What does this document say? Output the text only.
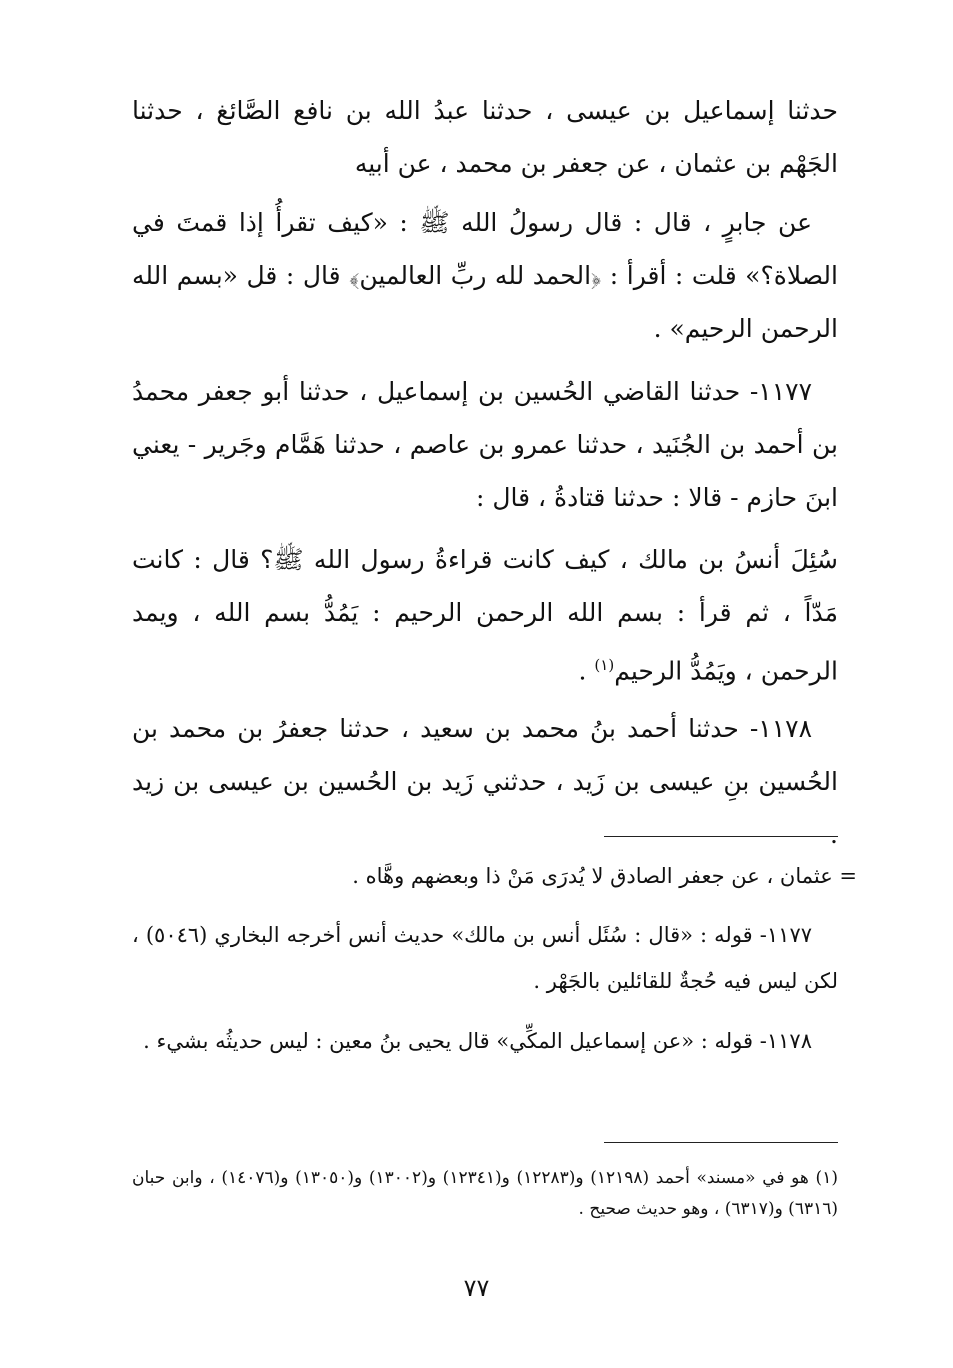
حدثنا إسماعيل بن عيسى ، حدثنا عبدُ الله بن نافع الصَّائغ ، حدثنا الجَهْم بن عثمان ، عن جعفر بن محمد ، عن أبيه
عن جابرٍ ، قال : قال رسولُ الله ﷺ : «كيف تقرأُ إذا قمتَ في الصلاة؟» قلت : أقرأ : ﴿الحمد لله ربِّ العالمين﴾ قال : قل «بسم الله الرحمن الرحيم» .
١١٧٧- حدثنا القاضي الحُسين بن إسماعيل ، حدثنا أبو جعفر محمدُ بن أحمد بن الجُنَيد ، حدثنا عمرو بن عاصم ، حدثنا هَمَّام وجَرير - يعني ابنَ حازم - قالا : حدثنا قتادةُ ، قال :
سُئِلَ أنسُ بن مالك ، كيف كانت قراءةُ رسول الله ﷺ؟ قال : كانت مَدّاً ، ثم قرأ : بسم الله الرحمن الرحيم : يَمُدُّ بسم الله ، ويمد الرحمن ، ويَمُدُّ الرحيم$^{(١)}$ .
١١٧٨- حدثنا أحمد بنُ محمد بن سعيد ، حدثنا جعفرُ بن محمد بن الحُسين بنِ عيسى بن زَيد ، حدثني زَيد بن الحُسين بن عيسى بن زيد .
= عثمان ، عن جعفر الصادق لا يُدرَى مَنْ ذا وبعضهم وهَّاه .
١١٧٧- قوله : «قال : سُئَل أنس بن مالك» حديث أنس أخرجه البخاري (٥٠٤٦) ، لكن ليس فيه حُجةٌ للقائلين بالجَهْر .
١١٧٨- قوله : «عن إسماعيل المكِّي» قال يحيى بنُ معين : ليس حديثُه بشيء .
(١) هو في «مسند» أحمد (١٢١٩٨) و(١٢٢٨٣) و(١٢٣٤١) و(١٣٠٠٢) و(١٣٠٥٠) و(١٤٠٧٦) ، وابن حبان (٦٣١٦) و(٦٣١٧) ، وهو حديث صحيح .
٧٧
